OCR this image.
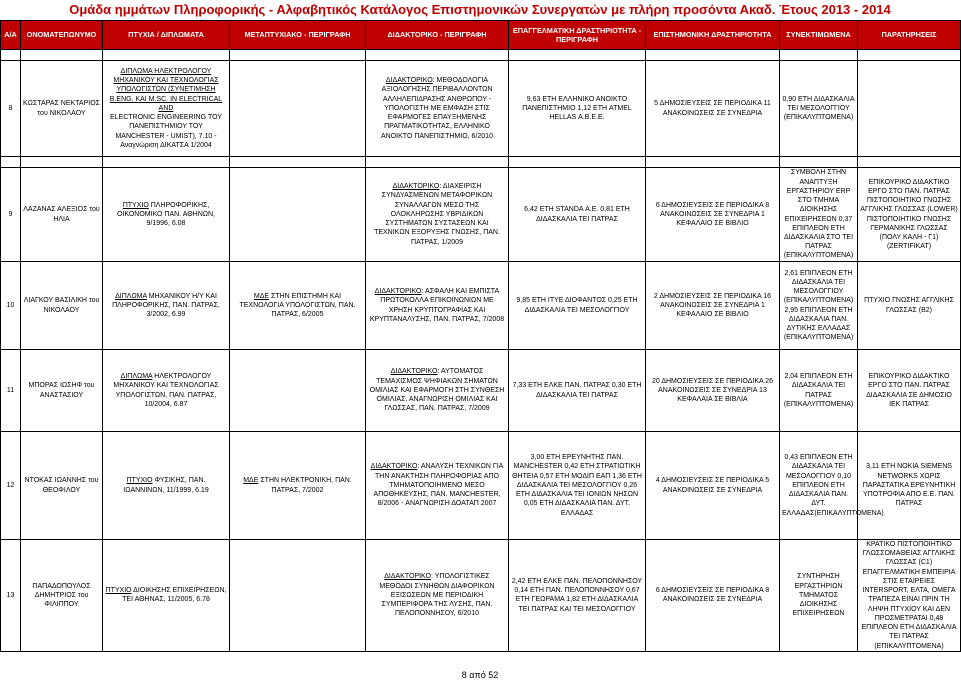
Ομάδα ημμάτων Πληροφορικής - Αλφαβητικός Κατάλογος Επιστημονικών Συνεργατών με πλήρη προσόντα Ακαδ. Έτους 2013 - 2014
Α/Α	ΟΝΟΜΑΤΕΠΩΝΥΜΟ	ΠΤΥΧΙΑ / ΔΙΠΛΩΜΑΤΑ	ΜΕΤΑΠΤΥΧΙΑΚΟ - ΠΕΡΙΓΡΑΦΗ	ΔΙΔΑΚΤΟΡΙΚΟ - ΠΕΡΙΓΡΑΦΗ	ΕΠΑΓΓΕΛΜΑΤΙΚΗ ΔΡΑΣΤΗΡΙΟΤΗΤΑ - ΠΕΡΙΓΡΑΦΗ	ΕΠΙΣΤΗΜΟΝΙΚΗ ΔΡΑΣΤΗΡΙΟΤΗΤΑ	ΣΥΝΕΚΤΙΜΩΜΕΝΑ	ΠΑΡΑΤΗΡΗΣΕΙΣ

8	ΚΩΣΤΑΡΑΣ ΝΕΚΤΑΡΙΟΣ του ΝΙΚΟΛΑΟΥ	ΔΙΠΛΩΜΑ ΗΛΕΚΤΡΟΛΟΓΟΥ ΜΗΧΑΝΙΚΟΥ ΚΑΙ ΤΕΧΝΟΛΟΓΙΑΣ ΥΠΟΛΟΓΙΣΤΩΝ (ΣΥΝΕΤΙΜΗΣΗ B.ENG. ΚΑΙ M.SC. IN ELECTRICAL AND
ELECTRONIC ENGINEERING ΤΟΥ ΠΑΝΕΠΙΣΤΗΜΙΟΥ ΤΟΥ MANCHESTER - UMIST), 7.10 - Αναγνώριση ΔΙΚΑΤΣΑ 1/2004		ΔΙΔΑΚΤΟΡΙΚΟ: ΜΕΘΟΔΟΛΟΓΙΑ ΑΞΙΟΛΟΓΗΣΗΣ ΠΕΡΙΒΑΛΛΟΝΤΩΝ ΑΛΛΗΛΕΠΙΔΡΑΣΗΣ ΑΝΘΡΩΠΟΥ - ΥΠΟΛΟΓΙΣΤΗ ΜΕ ΕΜΦΑΣΗ ΣΤΙΣ ΕΦΑΡΜΟΓΕΣ ΕΠΑΥΞΗΜΕΝΗΣ ΠΡΑΓΜΑΤΙΚΟΤΗΤΑΣ, ΕΛΛΗΝΙΚΟ ΑΝΟΙΚΤΟ ΠΑΝΕΠΙΣΤΗΜΙΟ, 6/2010	9,63 ΕΤΗ ΕΛΛΗΝΙΚΟ ΑΝΟΙΚΤΟ ΠΑΝΕΠΙΣΤΗΜΙΟ 1,12 ΕΤΗ ATMEL HELLAS Α.Β.Ε.Ε.	5 ΔΗΜΟΣΙΕΥΣΕΙΣ ΣΕ ΠΕΡΙΟΔΙΚΑ 11 ΑΝΑΚΟΙΝΩΣΕΙΣ ΣΕ ΣΥΝΕΔΡΙΑ	0,90 ΕΤΗ ΔΙΔΑΣΚΑΛΙΑ ΤΕΙ ΜΕΣΟΛΟΓΓΙΟΥ (ΕΠΙΚΑΛΥΠΤΟΜΕΝΑ)	

9	ΛΑΖΑΝΑΣ ΑΛΕΞΙΟΣ του ΗΛΙΑ	ΠΤΥΧΙΟ ΠΛΗΡΟΦΟΡΙΚΗΣ, ΟΙΚΟΝΟΜΙΚΟ ΠΑΝ. ΑΘΗΝΩΝ, 9/1996, 6.08		ΔΙΔΑΚΤΟΡΙΚΟ: ΔΙΑΧΕΙΡΙΣΗ ΣΥΝΔΥΑΣΜΕΝΩΝ ΜΕΤΑΦΟΡΙΚΩΝ ΣΥΝΑΛΛΑΓΩΝ ΜΕΣΩ ΤΗΣ ΟΛΟΚΛΗΡΩΣΗΣ ΥΒΡΙΔΙΚΩΝ ΣΥΣΤΗΜΑΤΩΝ ΣΥΣΤΑΣΕΩΝ ΚΑΙ ΤΕΧΝΙΚΩΝ ΕΞΟΡΥΞΗΣ ΓΝΩΣΗΣ, ΠΑΝ. ΠΑΤΡΑΣ, 1/2009	6,42 ΕΤΗ STANDA Α.Ε. 0,81 ΕΤΗ ΔΙΔΑΣΚΑΛΙΑ ΤΕΙ ΠΑΤΡΑΣ	6 ΔΗΜΟΣΙΕΥΣΕΙΣ ΣΕ ΠΕΡΙΟΔΙΚΑ 8 ΑΝΑΚΟΙΝΩΣΕΙΣ ΣΕ ΣΥΝΕΔΡΙΑ 1 ΚΕΦΑΛΑΙΟ ΣΕ ΒΙΒΛΙΟ	ΣΥΜΒΟΛΗ ΣΤΗΝ ΑΝΑΠΤΥΞΗ ΕΡΓΑΣΤΗΡΙΟΥ ERP ΣΤΟ ΤΜΗΜΑ ΔΙΟΙΚΗΣΗΣ ΕΠΙΧΕΙΡΗΣΕΩΝ 0,37 ΕΠΙΠΛΕΟΝ ΕΤΗ ΔΙΔΑΣΚΑΛΙΑ ΣΤΟ ΤΕΙ ΠΑΤΡΑΣ (ΕΠΙΚΑΛΥΠΤΟΜΕΝΑ)	ΕΠΙΚΟΥΡΙΚΟ ΔΙΔΑΚΤΙΚΟ ΕΡΓΟ ΣΤΟ ΠΑΝ. ΠΑΤΡΑΣ ΠΙΣΤΟΠΟΙΗΤΙΚΟ ΓΝΩΣΗΣ ΑΓΓΛΙΚΗΣ ΓΛΩΣΣΑΣ (LOWER) ΠΙΣΤΟΠΟΙΗΤΙΚΟ ΓΝΩΣΗΣ ΓΕΡΜΑΝΙΚΗΣ ΓΛΩΣΣΑΣ (ΠΟΛΥ ΚΑΛΗ - Γ1) (ZERTIFIKAT)
10	ΛΙΑΓΚΟΥ ΒΑΣΙΛΙΚΗ του ΝΙΚΟΛΑΟΥ	ΔΙΠΛΩΜΑ ΜΗΧΑΝΙΚΟΥ Η/Υ ΚΑΙ ΠΛΗΡΟΦΟΡΙΚΗΣ, ΠΑΝ. ΠΑΤΡΑΣ, 3/2002, 6.99	ΜΔΕ ΣΤΗΝ ΕΠΙΣΤΗΜΗ ΚΑΙ ΤΕΧΝΟΛΟΓΙΑ ΥΠΟΛΟΓΙΣΤΩΝ, ΠΑΝ. ΠΑΤΡΑΣ, 6/2005	ΔΙΔΑΚΤΟΡΙΚΟ: ΑΣΦΑΛΗ ΚΑΙ ΕΜΠΙΣΤΑ ΠΡΩΤΟΚΟΛΛΑ ΕΠΙΚΟΙΝΩΝΙΩΝ ΜΕ ΧΡΗΣΗ ΚΡΥΠΤΟΓΡΑΦΙΑΣ ΚΑΙ ΚΡΥΠΤΑΝΑΛΥΣΗΣ, ΠΑΝ. ΠΑΤΡΑΣ, 7/2008	9,85 ΕΤΗ ΙΤΥΕ ΔΙΟΦΑΝΤΟΣ 0,25 ΕΤΗ ΔΙΔΑΣΚΑΛΙΑ ΤΕΙ ΜΕΣΟΛΟΓΓΙΟΥ	2 ΔΗΜΟΣΙΕΥΣΕΙΣ ΣΕ ΠΕΡΙΟΔΙΚΑ 16 ΑΝΑΚΟΙΝΩΣΕΙΣ ΣΕ ΣΥΝΕΔΡΙΑ 1 ΚΕΦΑΛΑΙΟ ΣΕ ΒΙΒΛΙΟ	2,61 ΕΠΙΠΛΕΟΝ ΕΤΗ ΔΙΔΑΣΚΑΛΙΑ ΤΕΙ ΜΕΣΟΛΟΓΓΙΟΥ (ΕΠΙΚΑΛΥΠΤΟΜΕΝΑ) 2,95 ΕΠΙΠΛΕΟΝ ΕΤΗ ΔΙΔΑΣΚΑΛΙΑ ΠΑΝ. ΔΥΤΙΚΗΣ ΕΛΛΑΔΑΣ (ΕΠΙΚΑΛΥΠΤΟΜΕΝΑ)	ΠΤΥΧΙΟ ΓΝΩΣΗΣ ΑΓΓΛΙΚΗΣ ΓΛΩΣΣΑΣ (Β2)
11	ΜΠΟΡΑΣ ΙΩΣΗΦ του ΑΝΑΣΤΑΣΙΟΥ	ΔΙΠΛΩΜΑ ΗΛΕΚΤΡΟΛΟΓΟΥ ΜΗΧΑΝΙΚΟΥ ΚΑΙ ΤΕΧΝΟΛΟΓΙΑΣ ΥΠΟΛΟΓΙΣΤΩΝ, ΠΑΝ. ΠΑΤΡΑΣ, 10/2004, 6.87		ΔΙΔΑΚΤΟΡΙΚΟ: ΑΥΤΟΜΑΤΟΣ ΤΕΜΑΧΙΣΜΟΣ ΨΗΦΙΑΚΩΝ ΣΗΜΑΤΩΝ ΟΜΙΛΙΑΣ ΚΑΙ ΕΦΑΡΜΟΓΗ ΣΤΗ ΣΥΝΘΕΣΗ ΟΜΙΛΙΑΣ, ΑΝΑΓΝΩΡΙΣΗ ΟΜΙΛΙΑΣ ΚΑΙ ΓΛΩΣΣΑΣ, ΠΑΝ. ΠΑΤΡΑΣ, 7/2009	7,33 ΕΤΗ ΕΛΚΕ ΠΑΝ. ΠΑΤΡΑΣ 0,30 ΕΤΗ ΔΙΔΑΣΚΑΛΙΑ ΤΕΙ ΠΑΤΡΑΣ	20 ΔΗΜΟΣΙΕΥΣΕΙΣ ΣΕ ΠΕΡΙΟΔΙΚΑ 26 ΑΝΑΚΟΙΝΩΣΕΙΣ ΣΕ ΣΥΝΕΔΡΙΑ 13 ΚΕΦΑΛΑΙΑ ΣΕ ΒΙΒΛΙΑ	2,04 ΕΠΙΠΛΕΟΝ ΕΤΗ ΔΙΔΑΣΚΑΛΙΑ ΤΕΙ ΠΑΤΡΑΣ (ΕΠΙΚΑΛΥΠΤΟΜΕΝΑ)	ΕΠΙΚΟΥΡΙΚΟ ΔΙΔΑΚΤΙΚΟ ΕΡΓΟ ΣΤΟ ΠΑΝ. ΠΑΤΡΑΣ ΔΙΔΑΣΚΑΛΙΑ ΣΕ ΔΗΜΟΣΙΟ ΙΕΚ ΠΑΤΡΑΣ
12	ΝΤΟΚΑΣ ΙΩΑΝΝΗΣ του ΘΕΟΦΙΛΟΥ	ΠΤΥΧΙΟ ΦΥΣΙΚΗΣ, ΠΑΝ. ΙΩΑΝΝΙΝΩΝ, 11/1999, 6.19	ΜΔΕ ΣΤΗΝ ΗΛΕΚΤΡΟΝΙΚΗ, ΠΑΝ. ΠΑΤΡΑΣ, 7/2002	ΔΙΔΑΚΤΟΡΙΚΟ: ΑΝΑΛΥΣΗ ΤΕΧΝΙΚΩΝ ΓΙΑ ΤΗΝ ΑΝΑΚΤΗΣΗ ΠΛΗΡΟΦΟΡΙΑΣ ΑΠΟ ΤΜΗΜΑΤΟΠΟΙΗΜΕΝΟ ΜΕΣΟ ΑΠΟΘΗΚΕΥΣΗΣ, ΠΑΝ. MANCHESTER, 8/2006 - ΑΝΑΓΝΩΡΙΣΗ ΔΟΑΤΑΠ 2007	3,00 ΕΤΗ ΕΡΕΥΝΗΤΗΣ ΠΑΝ. MANCHESTER 0,42 ΕΤΗ ΣΤΡΑΤΙΩΤΙΚΗ ΘΗΤΕΙΑ 0,57 ΕΤΗ ΜΟΔΙΠ ΕΑΠ 1,36 ΕΤΗ ΔΙΔΑΣΚΑΛΙΑ ΤΕΙ ΜΕΣΟΛΟΓΓΙΟΥ 0,26 ΕΤΗ ΔΙΔΑΣΚΑΛΙΑ ΤΕΙ ΙΟΝΙΩΝ ΝΗΣΩΝ 0,05 ΕΤΗ ΔΙΔΑΣΚΑΛΙΑ ΠΑΝ. ΔΥΤ. ΕΛΛΑΔΑΣ	4 ΔΗΜΟΣΙΕΥΣΕΙΣ ΣΕ ΠΕΡΙΟΔΙΚΑ 5 ΑΝΑΚΟΙΝΩΣΕΙΣ ΣΕ ΣΥΝΕΔΡΙΑ	0,43 ΕΠΙΠΛΕΟΝ ΕΤΗ ΔΙΔΑΣΚΑΛΙΑ ΤΕΙ ΜΕΣΟΛΟΓΓΙΟΥ 0,10 ΕΠΙΠΛΕΟΝ ΕΤΗ ΔΙΔΑΣΚΑΛΙΑ ΠΑΝ. ΔΥΤ. ΕΛΛΑΔΑΣ(ΕΠΙΚΑΛΥΠΤΟΜΕΝΑ)	3,11 ΕΤΗ NOKIA SIEMENS NETWORKS ΧΩΡΙΣ ΠΑΡΑΣΤΑΤΙΚΑ ΕΡΕΥΝΗΤΙΚΗ ΥΠΟΤΡΟΦΙΑ ΑΠΟ Ε.Ε. ΠΑΝ. ΠΑΤΡΑΣ
13	ΠΑΠΑΔΟΠΟΥΛΟΣ ΔΗΜΗΤΡΙΟΣ του ΦΙΛΙΠΠΟΥ	ΠΤΥΧΙΟ ΔΙΟΙΚΗΣΗΣ ΕΠΙΧΕΙΡΗΣΕΩΝ, ΤΕΙ ΑΘΗΝΑΣ, 11/2005, 6.78		ΔΙΔΑΚΤΟΡΙΚΟ: ΥΠΟΛΟΓΙΣΤΙΚΕΣ ΜΕΘΟΔΟΙ ΣΥΝΗΘΩΝ ΔΙΑΦΟΡΙΚΩΝ ΕΞΙΣΩΣΕΩΝ ΜΕ ΠΕΡΙΟΔΙΚΗ ΣΥΜΠΕΡΙΦΟΡΑ ΤΗΣ ΛΥΣΗΣ, ΠΑΝ. ΠΕΛΟΠΟΝΝΗΣΟΥ, 6/2010	2,42 ΕΤΗ ΕΛΚΕ ΠΑΝ. ΠΕΛΟΠΟΝΝΗΣΟΥ 0,14 ΕΤΗ ΠΑΝ. ΠΕΛΟΠΟΝΝΗΣΟΥ 0,67 ΕΤΗ ΓΕΩΡΑΜΑ 1,82 ΕΤΗ ΔΙΔΑΣΚΑΛΙΑ ΤΕΙ ΠΑΤΡΑΣ ΚΑΙ ΤΕΙ ΜΕΣΟΛΟΓΓΙΟΥ	6 ΔΗΜΟΣΙΕΥΣΕΙΣ ΣΕ ΠΕΡΙΟΔΙΚΑ 8 ΑΝΑΚΟΙΝΩΣΕΙΣ ΣΕ ΣΥΝΕΔΡΙΑ	ΣΥΝΤΗΡΗΣΗ ΕΡΓΑΣΤΗΡΙΩΝ ΤΜΗΜΑΤΟΣ ΔΙΟΙΚΗΣΗΣ ΕΠΙΧΕΙΡΗΣΕΩΝ	ΚΡΑΤΙΚΟ ΠΙΣΤΟΠΟΙΗΤΙΚΟ ΓΛΩΣΣΟΜΑΘΕΙΑΣ ΑΓΓΛΙΚΗΣ ΓΛΩΣΣΑΣ (C1) ΕΠΑΓΓΕΛΜΑΤΙΚΗ ΕΜΠΕΙΡΙΑ ΣΤΙΣ ΕΤΑΙΡΕΙΕΣ INTERSPORT, ΕΛΤΑ, ΟΜΕΓΑ ΤΡΑΠΕΖΑ ΕΙΝΑΙ ΠΡΙΝ ΤΗ ΛΗΨΗ ΠΤΥΧΙΟΥ ΚΑΙ ΔΕΝ ΠΡΟΣΜΕΤΡΑΤΑΙ 0,48 ΕΠΙΠΛΕΟΝ ΕΤΗ ΔΙΔΑΣΚΑΛΙΑ ΤΕΙ ΠΑΤΡΑΣ (ΕΠΙΚΑΛΥΠΤΟΜΕΝΑ)
8 από 52
